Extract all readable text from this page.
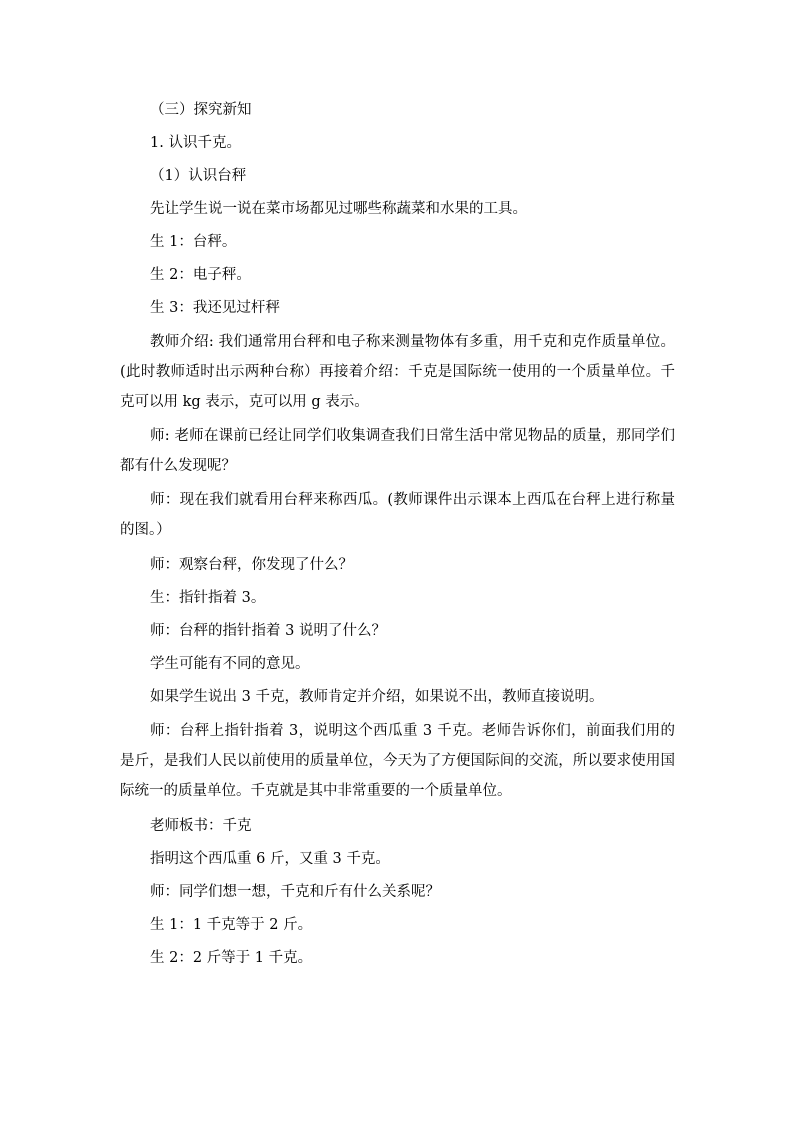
（三）探究新知

1. 认识千克。

（1）认识台秤

先让学生说一说在菜市场都见过哪些称蔬菜和水果的工具。

生 1：台秤。

生 2：电子秤。

生 3：我还见过杆秤

教师介绍: 我们通常用台秤和电子称来测量物体有多重，用千克和克作质量单位。(此时教师适时出示两种台称）再接着介绍：千克是国际统一使用的一个质量单位。千克可以用 kg 表示，克可以用 g 表示。

师: 老师在课前已经让同学们收集调查我们日常生活中常见物品的质量，那同学们都有什么发现呢？

师：现在我们就看用台秤来称西瓜。(教师课件出示课本上西瓜在台秤上进行称量的图。）

师：观察台秤，你发现了什么？

生：指针指着 3。

师：台秤的指针指着 3 说明了什么？

学生可能有不同的意见。

如果学生说出 3 千克，教师肯定并介绍，如果说不出，教师直接说明。

师：台秤上指针指着 3，说明这个西瓜重 3 千克。老师告诉你们，前面我们用的是斤，是我们人民以前使用的质量单位，今天为了方便国际间的交流，所以要求使用国际统一的质量单位。千克就是其中非常重要的一个质量单位。

老师板书：千克

指明这个西瓜重 6 斤，又重 3 千克。

师：同学们想一想，千克和斤有什么关系呢？

生 1：1 千克等于 2 斤。

生 2：2 斤等于 1 千克。
